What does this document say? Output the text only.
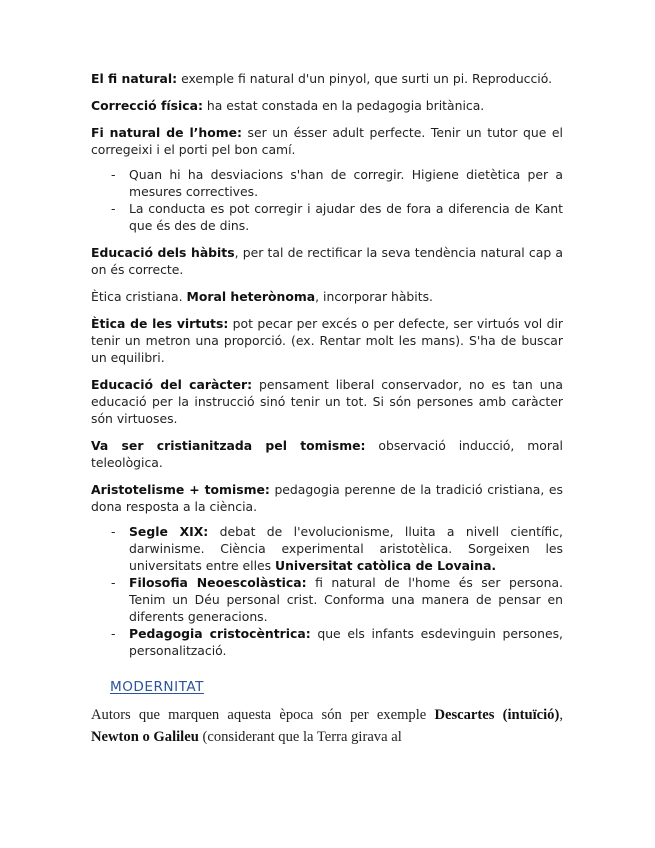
El fi natural: exemple fi natural d'un pinyol, que surti un pi. Reproducció.

Correcció física: ha estat constada en la pedagogia britànica.

Fi natural de l’home: ser un ésser adult perfecte. Tenir un tutor que el corregeixi i el porti pel bon camí.

- Quan hi ha desviacions s'han de corregir. Higiene dietètica per a mesures correctives.
- La conducta es pot corregir i ajudar des de fora a diferencia de Kant que és des de dins.

Educació dels hàbits, per tal de rectificar la seva tendència natural cap a on és correcte.

Ètica cristiana. Moral heterònoma, incorporar hàbits.

Ètica de les virtuts: pot pecar per excés o per defecte, ser virtuós vol dir tenir un metron una proporció. (ex. Rentar molt les mans). S'ha de buscar un equilibri.

Educació del caràcter: pensament liberal conservador, no es tan una educació per la instrucció sinó tenir un tot. Si són persones amb caràcter són virtuoses.

Va ser cristianitzada pel tomisme: observació inducció, moral teleològica.

Aristotelisme + tomisme: pedagogia perenne de la tradició cristiana, es dona resposta a la ciència.

- Segle XIX: debat de l'evolucionisme, lluita a nivell científic, darwinisme. Ciència experimental aristotèlica. Sorgeixen les universitats entre elles Universitat catòlica de Lovaina.
- Filosofia Neoescolàstica: fi natural de l'home és ser persona. Tenim un Déu personal crist. Conforma una manera de pensar en diferents generacions.
- Pedagogia cristocèntrica: que els infants esdevinguin persones, personalització.
MODERNITAT

Autors que marquen aquesta època són per exemple Descartes (intuïció), Newton o Galileu (considerant que la Terra girava al
